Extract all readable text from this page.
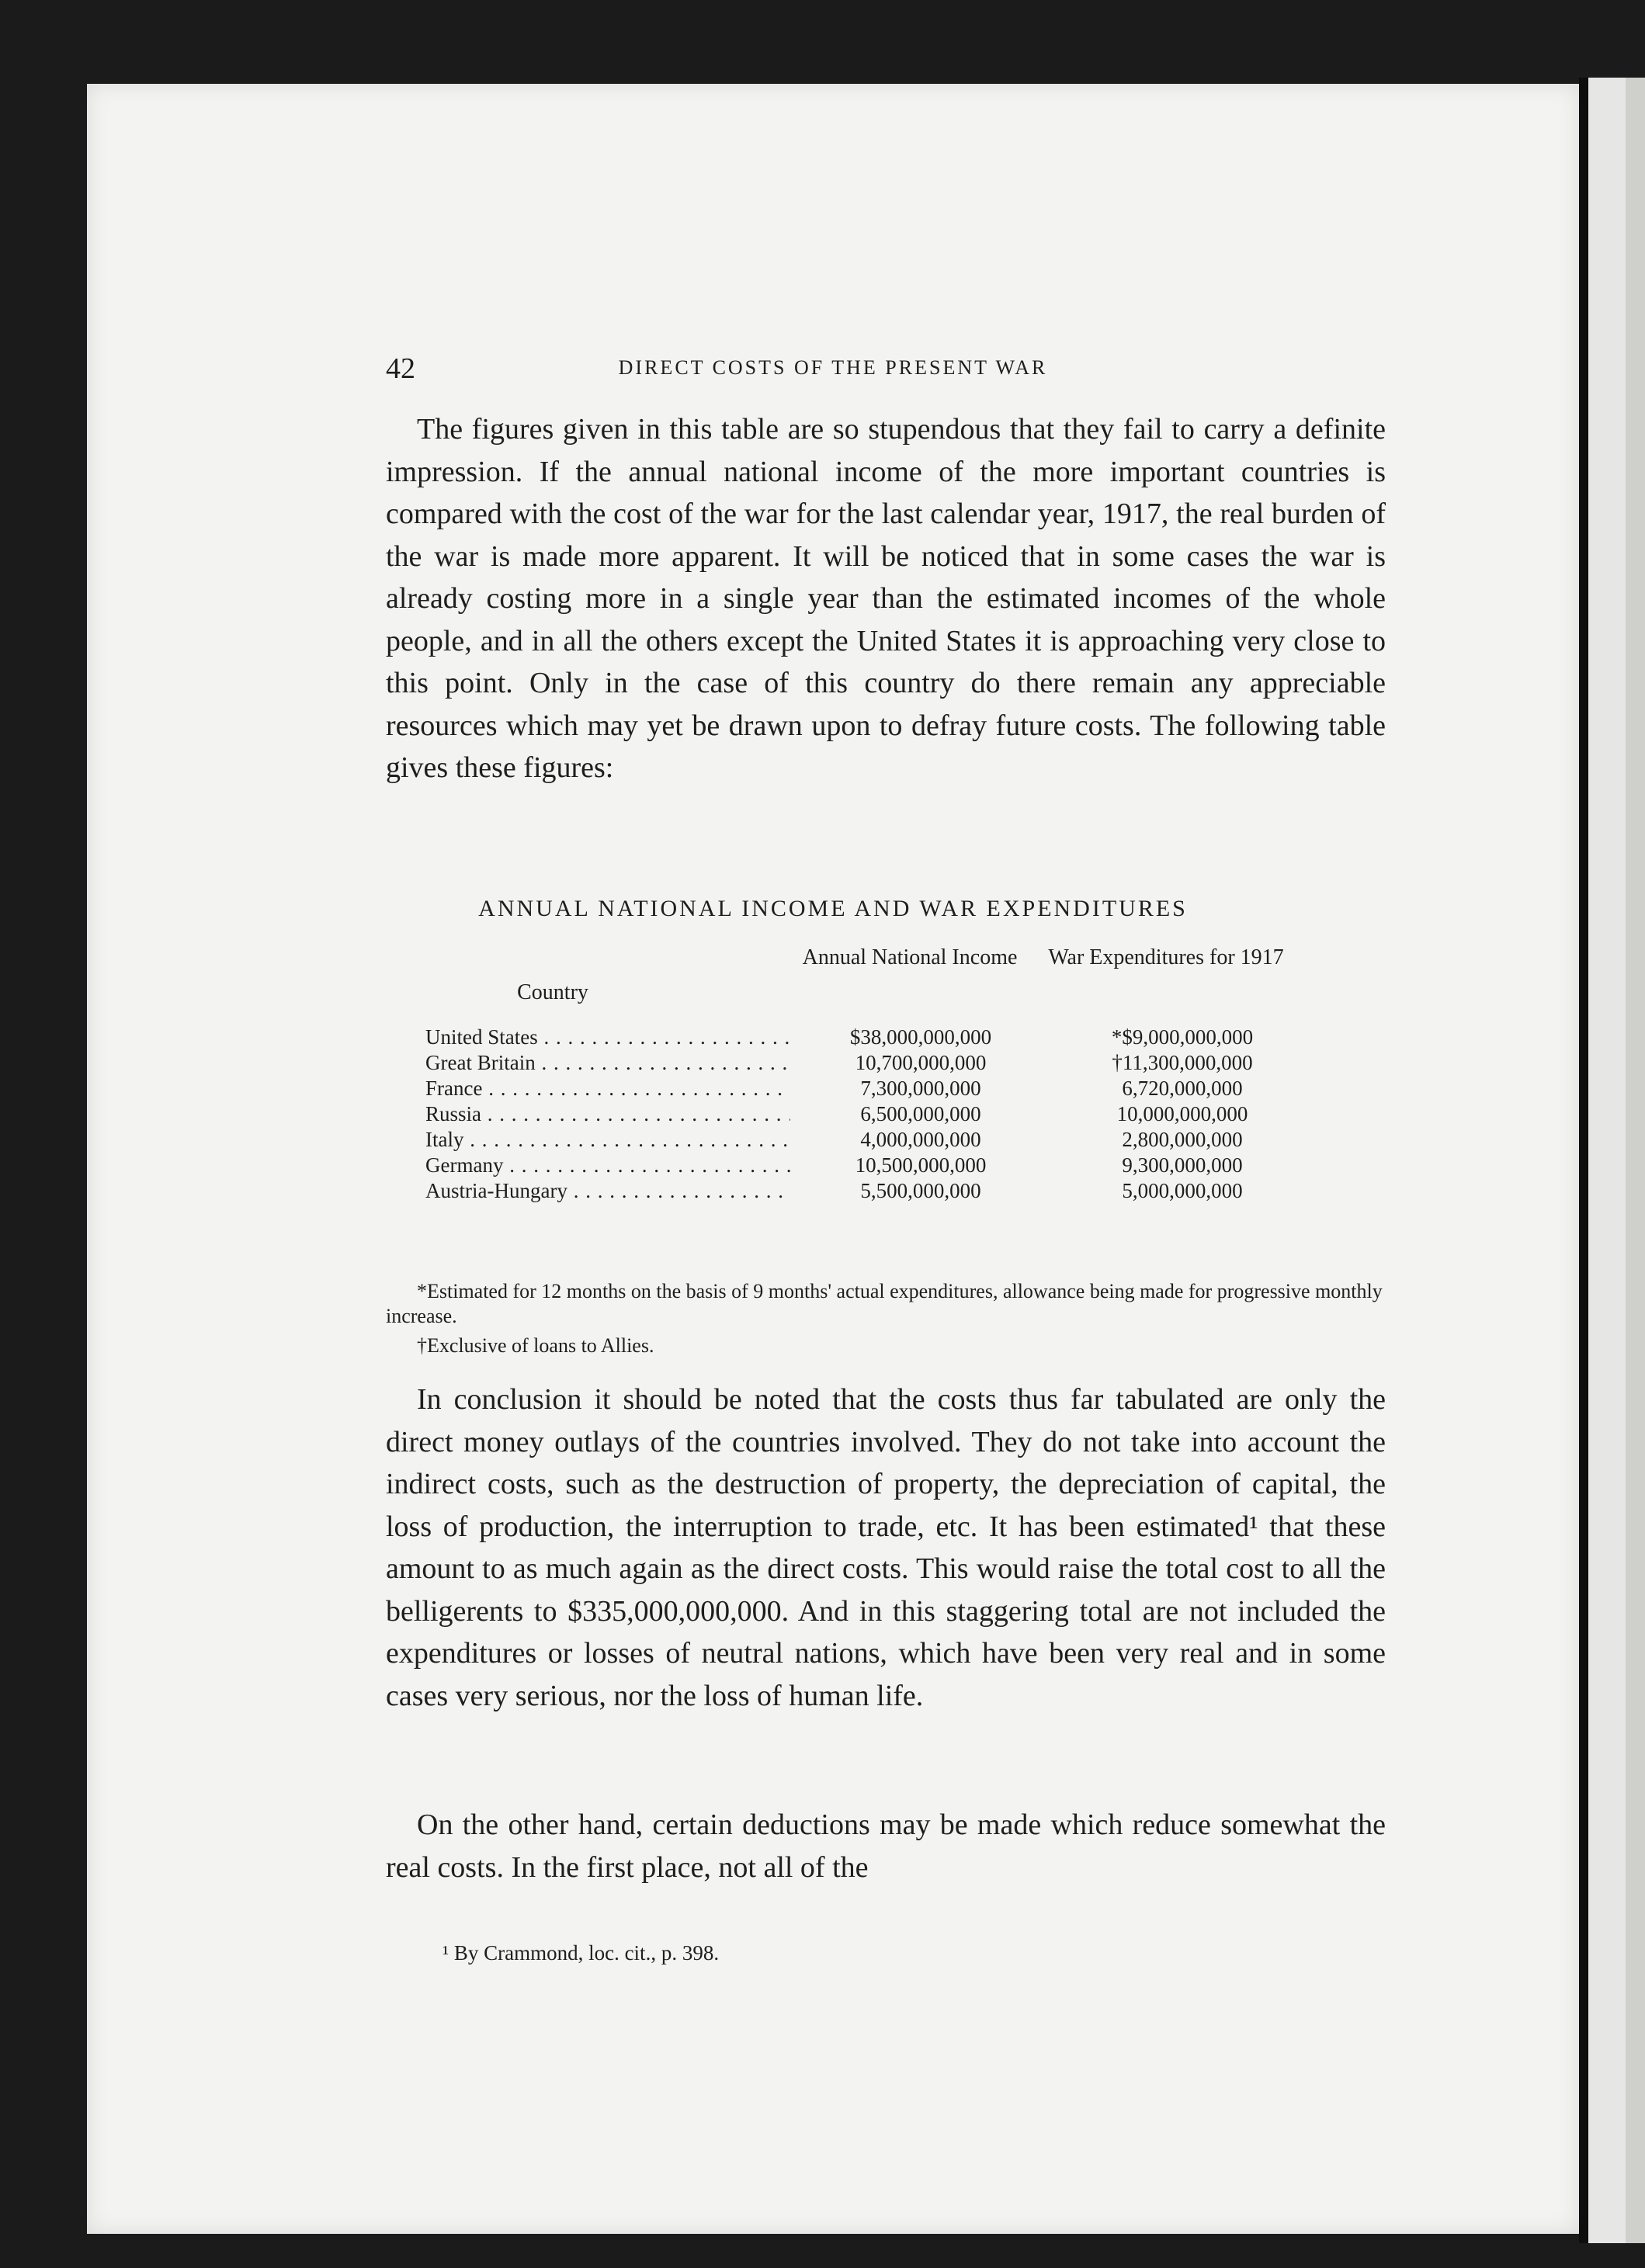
42	DIRECT COSTS OF THE PRESENT WAR

The figures given in this table are so stupendous that they fail to carry a definite impression. If the annual national income of the more important countries is compared with the cost of the war for the last calendar year, 1917, the real burden of the war is made more apparent. It will be noticed that in some cases the war is already costing more in a single year than the estimated incomes of the whole people, and in all the others except the United States it is approaching very close to this point. Only in the case of this country do there remain any appreciable resources which may yet be drawn upon to defray future costs. The following table gives these figures:

ANNUAL NATIONAL INCOME AND WAR EXPENDITURES

Country
Annual National Income	War Expenditures for 1917
United States . . .	$38,000,000,000	*$9,000,000,000
Great Britain . . .	10,700,000,000	†11,300,000,000
France . . .	7,300,000,000	6,720,000,000
Russia . . .	6,500,000,000	10,000,000,000
Italy . . .	4,000,000,000	2,800,000,000
Germany . . .	10,500,000,000	9,300,000,000
Austria-Hungary . . .	5,500,000,000	5,000,000,000

*Estimated for 12 months on the basis of 9 months' actual expenditures, allowance being made for progressive monthly increase.

†Exclusive of loans to Allies.

In conclusion it should be noted that the costs thus far tabulated are only the direct money outlays of the countries involved. They do not take into account the indirect costs, such as the destruction of property, the depreciation of capital, the loss of production, the interruption to trade, etc. It has been estimated¹ that these amount to as much again as the direct costs. This would raise the total cost to all the belligerents to $335,000,000,000. And in this staggering total are not included the expenditures or losses of neutral nations, which have been very real and in some cases very serious, nor the loss of human life.

On the other hand, certain deductions may be made which reduce somewhat the real costs. In the first place, not all of the

¹ By Crammond, loc. cit., p. 398.
